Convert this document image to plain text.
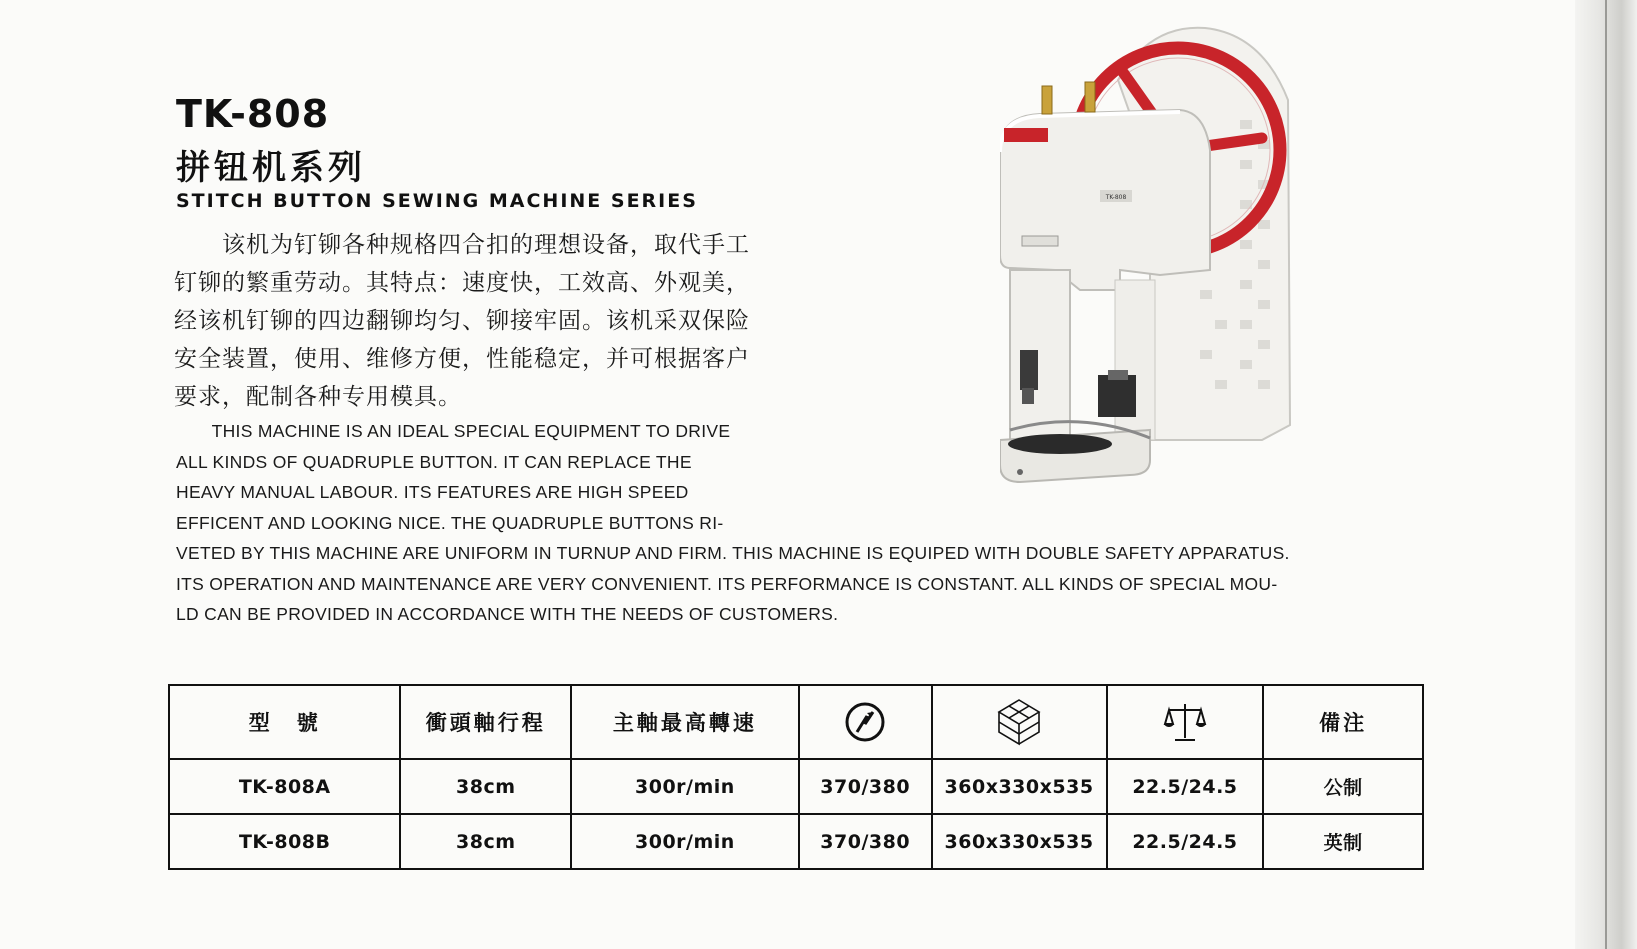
TK-808
拼钮机系列
STITCH BUTTON SEWING MACHINE SERIES
　　该机为钉铆各种规格四合扣的理想设备，取代手工
钉铆的繁重劳动。其特点：速度快，工效高、外观美，
经该机钉铆的四边翻铆均匀、铆接牢固。该机采双保险
安全装置，使用、维修方便，性能稳定，并可根据客户
要求，配制各种专用模具。
　　THIS MACHINE IS AN IDEAL SPECIAL EQUIPMENT TO DRIVE
ALL KINDS OF QUADRUPLE BUTTON. IT CAN REPLACE THE
HEAVY MANUAL LABOUR. ITS FEATURES ARE HIGH SPEED
EFFICENT AND LOOKING NICE. THE QUADRUPLE BUTTONS RI-
VETED BY THIS MACHINE ARE UNIFORM IN TURNUP AND FIRM. THIS MACHINE IS EQUIPED WITH DOUBLE SAFETY APPARATUS.
ITS OPERATION AND MAINTENANCE ARE VERY CONVENIENT. ITS PERFORMANCE IS CONSTANT. ALL KINDS OF SPECIAL MOU-
LD CAN BE PROVIDED IN ACCORDANCE WITH THE NEEDS OF CUSTOMERS.
TK-808
型　號	衝頭軸行程	主軸最高轉速				備注
TK-808A	38cm	300r/min	370/380	360x330x535	22.5/24.5	公制
TK-808B	38cm	300r/min	370/380	360x330x535	22.5/24.5	英制
